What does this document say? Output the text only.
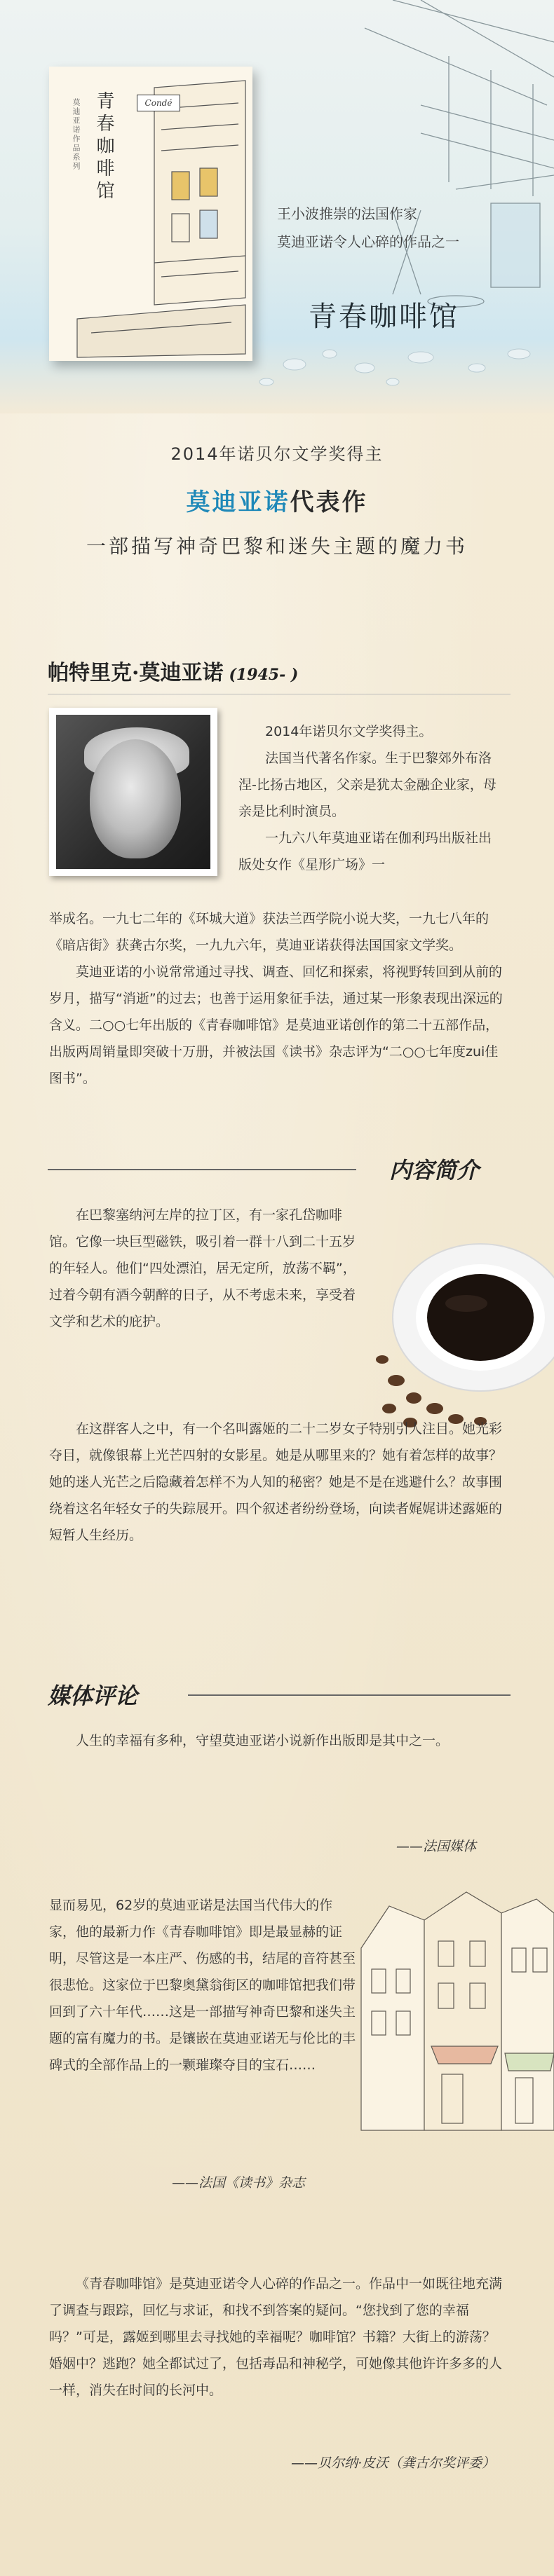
莫迪亚诺作品系列 青春咖啡馆	Condé
王小波推崇的法国作家
莫迪亚诺令人心碎的作品之一
青春咖啡馆
2014年诺贝尔文学奖得主
莫迪亚诺代表作
一部描写神奇巴黎和迷失主题的魔力书
帕特里克·莫迪亚诺 (1945- )

2014年诺贝尔文学奖得主。

法国当代著名作家。生于巴黎郊外布洛涅-比扬古地区，父亲是犹太金融企业家，母亲是比利时演员。

一九六八年莫迪亚诺在伽利玛出版社出版处女作《星形广场》一

举成名。一九七二年的《环城大道》获法兰西学院小说大奖，一九七八年的《暗店街》获龚古尔奖，一九九六年，莫迪亚诺获得法国国家文学奖。

莫迪亚诺的小说常常通过寻找、调查、回忆和探索，将视野转回到从前的岁月，描写“消逝”的过去；也善于运用象征手法，通过某一形象表现出深远的含义。二○○七年出版的《青春咖啡馆》是莫迪亚诺创作的第二十五部作品，出版两周销量即突破十万册，并被法国《读书》杂志评为“二○○七年度zui佳图书”。

内容简介

在巴黎塞纳河左岸的拉丁区，有一家孔岱咖啡馆。它像一块巨型磁铁，吸引着一群十八到二十五岁的年轻人。他们“四处漂泊，居无定所，放荡不羁”，过着今朝有酒今朝醉的日子，从不考虑未来，享受着文学和艺术的庇护。

在这群客人之中，有一个名叫露姬的二十二岁女子特别引人注目。她光彩夺目，就像银幕上光芒四射的女影星。她是从哪里来的？她有着怎样的故事？她的迷人光芒之后隐藏着怎样不为人知的秘密？她是不是在逃避什么？故事围绕着这名年轻女子的失踪展开。四个叙述者纷纷登场，向读者娓娓讲述露姬的短暂人生经历。

媒体评论

人生的幸福有多种，守望莫迪亚诺小说新作出版即是其中之一。

——法国媒体

显而易见，62岁的莫迪亚诺是法国当代伟大的作家，他的最新力作《青春咖啡馆》即是最显赫的证明，尽管这是一本庄严、伤感的书，结尾的音符甚至很悲怆。这家位于巴黎奥黛翁街区的咖啡馆把我们带回到了六十年代……这是一部描写神奇巴黎和迷失主题的富有魔力的书。是镶嵌在莫迪亚诺无与伦比的丰碑式的全部作品上的一颗璀璨夺目的宝石……

——法国《读书》杂志

《青春咖啡馆》是莫迪亚诺令人心碎的作品之一。作品中一如既往地充满了调查与跟踪，回忆与求证，和找不到答案的疑问。“您找到了您的幸福吗？”可是，露姬到哪里去寻找她的幸福呢？咖啡馆？书籍？大街上的游荡？婚姻中？逃跑？她全都试过了，包括毒品和神秘学，可她像其他许许多多的人一样，消失在时间的长河中。

——贝尔纳·皮沃（龚古尔奖评委）
